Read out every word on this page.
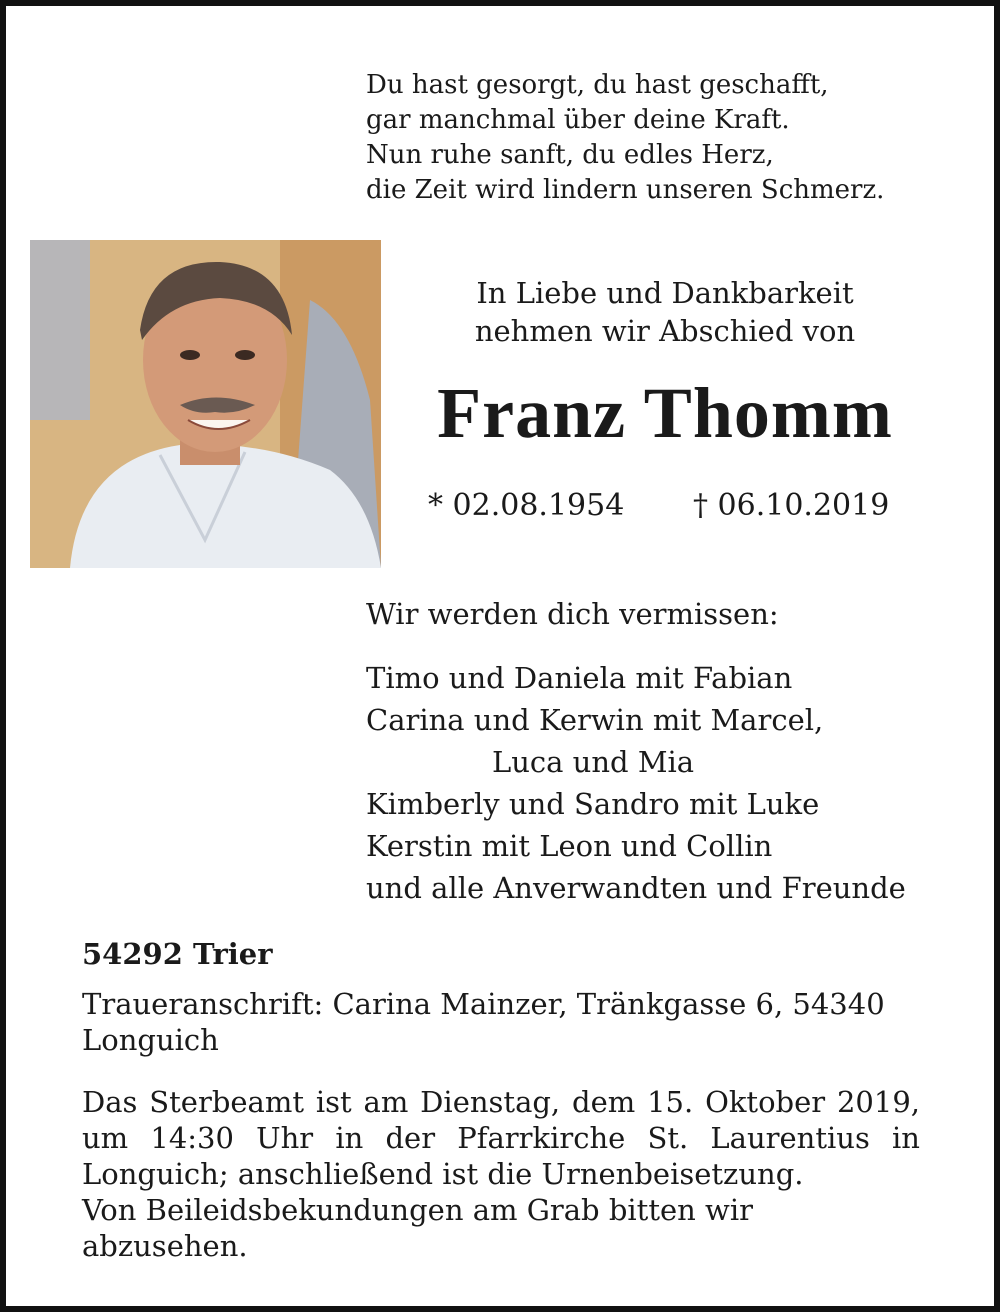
Du hast gesorgt, du hast geschafft,
gar manchmal über deine Kraft.
Nun ruhe sanft, du edles Herz,
die Zeit wird lindern unseren Schmerz.
In Liebe und Dankbarkeit
nehmen wir Abschied von
Franz Thomm
* 02.08.1954 † 06.10.2019
Wir werden dich vermissen:
Timo und Daniela mit Fabian
Carina und Kerwin mit Marcel,
Luca und Mia
Kimberly und Sandro mit Luke
Kerstin mit Leon und Collin
und alle Anverwandten und Freunde
54292 Trier
Traueranschrift: Carina Mainzer, Tränkgasse 6, 54340 Longuich

Das Sterbeamt ist am Dienstag, dem 15. Oktober 2019, um 14:30 Uhr in der Pfarrkirche St. Laurentius in Longuich; anschließend ist die Urnenbeisetzung.

Von Beileidsbekundungen am Grab bitten wir abzusehen.
